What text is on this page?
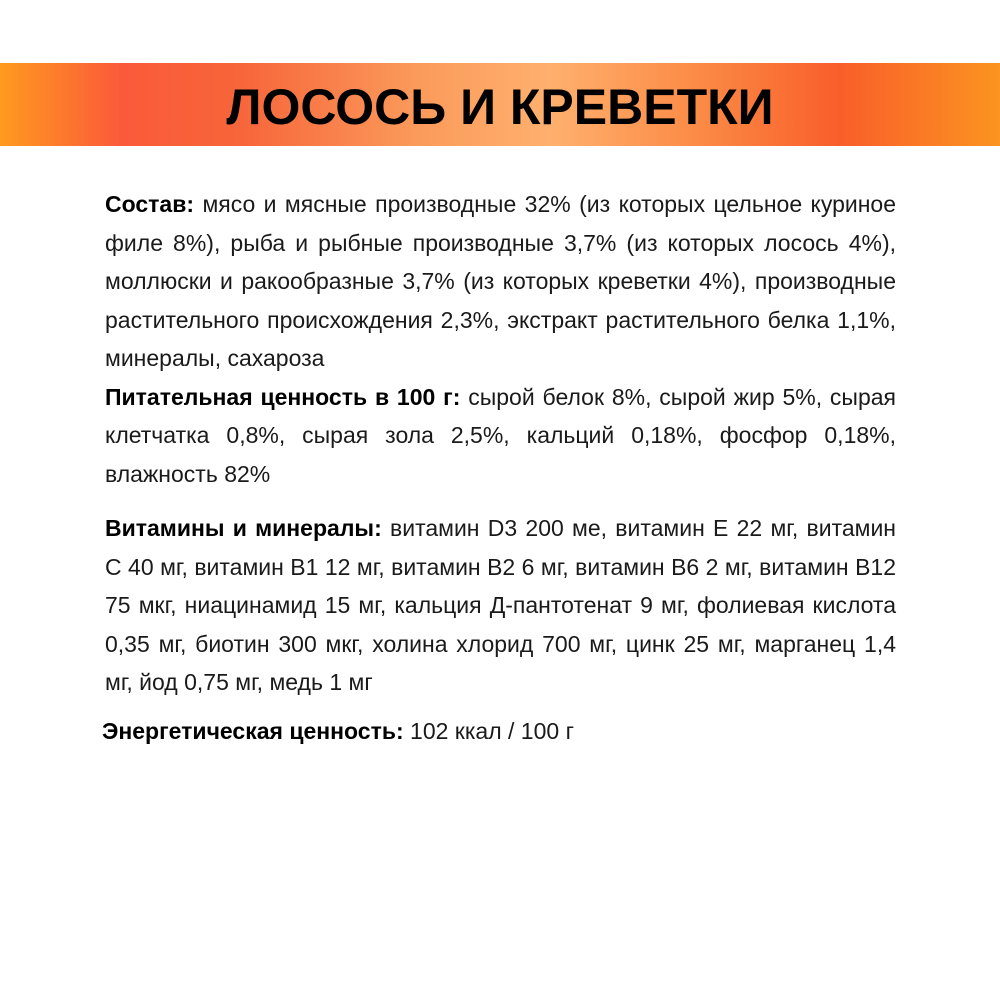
ЛОСОСЬ И КРЕВЕТКИ

Состав: мясо и мясные производные 32% (из которых цельное куриное филе 8%), рыба и рыбные производные 3,7% (из которых лосось 4%), моллюски и ракообразные 3,7% (из которых креветки 4%), производные растительного происхождения 2,3%, экстракт растительного белка 1,1%, минералы, сахароза

Питательная ценность в 100 г: сырой белок 8%, сырой жир 5%, сырая клетчатка 0,8%, сырая зола 2,5%, кальций 0,18%, фосфор 0,18%, влажность 82%

Витамины и минералы: витамин D3 200 ме, витамин Е 22 мг, витамин С 40 мг, витамин В1 12 мг, витамин В2 6 мг, витамин В6 2 мг, витамин В12 75 мкг, ниацинамид 15 мг, кальция Д-пантотенат 9 мг, фолиевая кислота 0,35 мг, биотин 300 мкг, холина хлорид 700 мг, цинк 25 мг, марганец 1,4 мг, йод 0,75 мг, медь 1 мг

Энергетическая ценность: 102 ккал / 100 г
